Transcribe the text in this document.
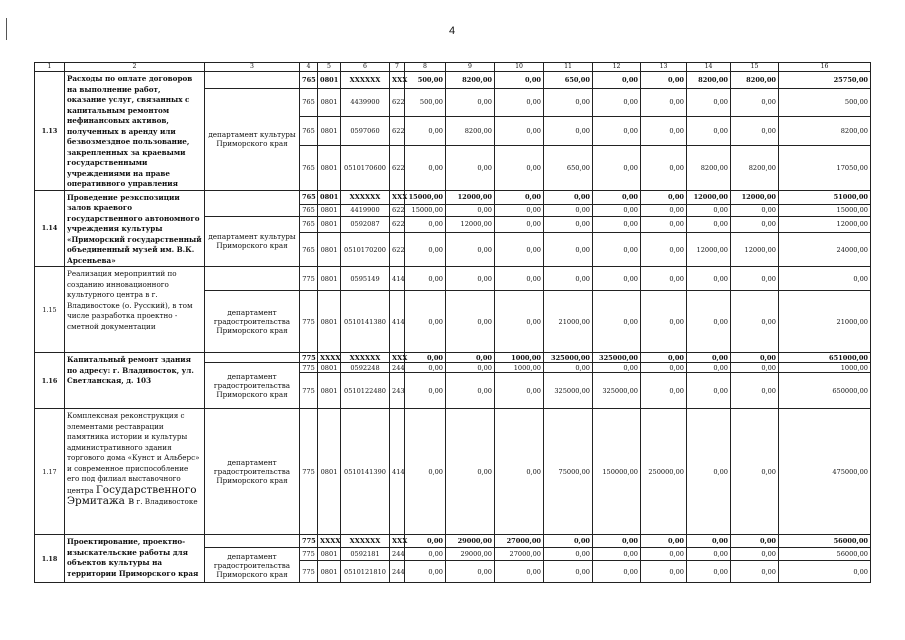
4
1	2	3	4	5	6	7	8	9	10	11	12	13	14	15	16
1.13	Расходы по оплате договоров на выполнение работ, оказание услуг, связанных с капитальным ремонтом нефинансовых активов, полученных в аренду или безвозмездное пользование, закрепленных за краевыми государственными учреждениями на праве оперативного управления		765	0801	XXXXXX	XXX	500,00	8200,00	0,00	650,00	0,00	0,00	8200,00	8200,00	25750,00
		департамент культуры Приморского края	765	0801	4439900	622	500,00	0,00	0,00	0,00	0,00	0,00	0,00	0,00	500,00
			765	0801	0597060	622	0,00	8200,00	0,00	0,00	0,00	0,00	0,00	0,00	8200,00
			765	0801	0510170600	622	0,00	0,00	0,00	650,00	0,00	0,00	8200,00	8200,00	17050,00
1.14	Проведение реэкспозиции залов краевого государственного автономного учреждения культуры «Приморский государственный объединенный музей им. В.К. Арсеньева»		765	0801	XXXXXX	XXX	15000,00	12000,00	0,00	0,00	0,00	0,00	12000,00	12000,00	51000,00
			765	0801	4419900	622	15000,00	0,00	0,00	0,00	0,00	0,00	0,00	0,00	15000,00
		департамент культуры Приморского края	765	0801	0592087	622	0,00	12000,00	0,00	0,00	0,00	0,00	0,00	0,00	12000,00
			765	0801	0510170200	622	0,00	0,00	0,00	0,00	0,00	0,00	12000,00	12000,00	24000,00
1.15	Реализация мероприятий по созданию инновационного культурного центра в г. Владивостоке (о. Русский), в том числе разработка проектно - сметной документации		775	0801	0595149	414	0,00	0,00	0,00	0,00	0,00	0,00	0,00	0,00	0,00
		департамент градостроительства Приморского края	775	0801	0510141380	414	0,00	0,00	0,00	21000,00	0,00	0,00	0,00	0,00	21000,00
1.16	Капитальный ремонт здания по адресу: г. Владивосток, ул. Светланская, д. 103		775	XXXX	XXXXXX	XXX	0,00	0,00	1000,00	325000,00	325000,00	0,00	0,00	0,00	651000,00
		департамент градостроительства Приморского края	775	0801	0592248	244	0,00	0,00	1000,00	0,00	0,00	0,00	0,00	0,00	1000,00
			775	0801	0510122480	243	0,00	0,00	0,00	325000,00	325000,00	0,00	0,00	0,00	650000,00
1.17	Комплексная реконструкция с элементами реставрации памятника истории и культуры административного здания торгового дома «Кунст и Альберс» и современное приспособление его под филиал выставочного центра Государственного Эрмитажа в г. Владивостоке	департамент градостроительства Приморского края	775	0801	0510141390	414	0,00	0,00	0,00	75000,00	150000,00	250000,00	0,00	0,00	475000,00
1.18	Проектирование, проектно-изыскательские работы для объектов культуры на территории Приморского края		775	XXXX	XXXXXX	XXX	0,00	29000,00	27000,00	0,00	0,00	0,00	0,00	0,00	56000,00
		департамент градостроительства Приморского края	775	0801	0592181	244	0,00	29000,00	27000,00	0,00	0,00	0,00	0,00	0,00	56000,00
			775	0801	0510121810	244	0,00	0,00	0,00	0,00	0,00	0,00	0,00	0,00	0,00
